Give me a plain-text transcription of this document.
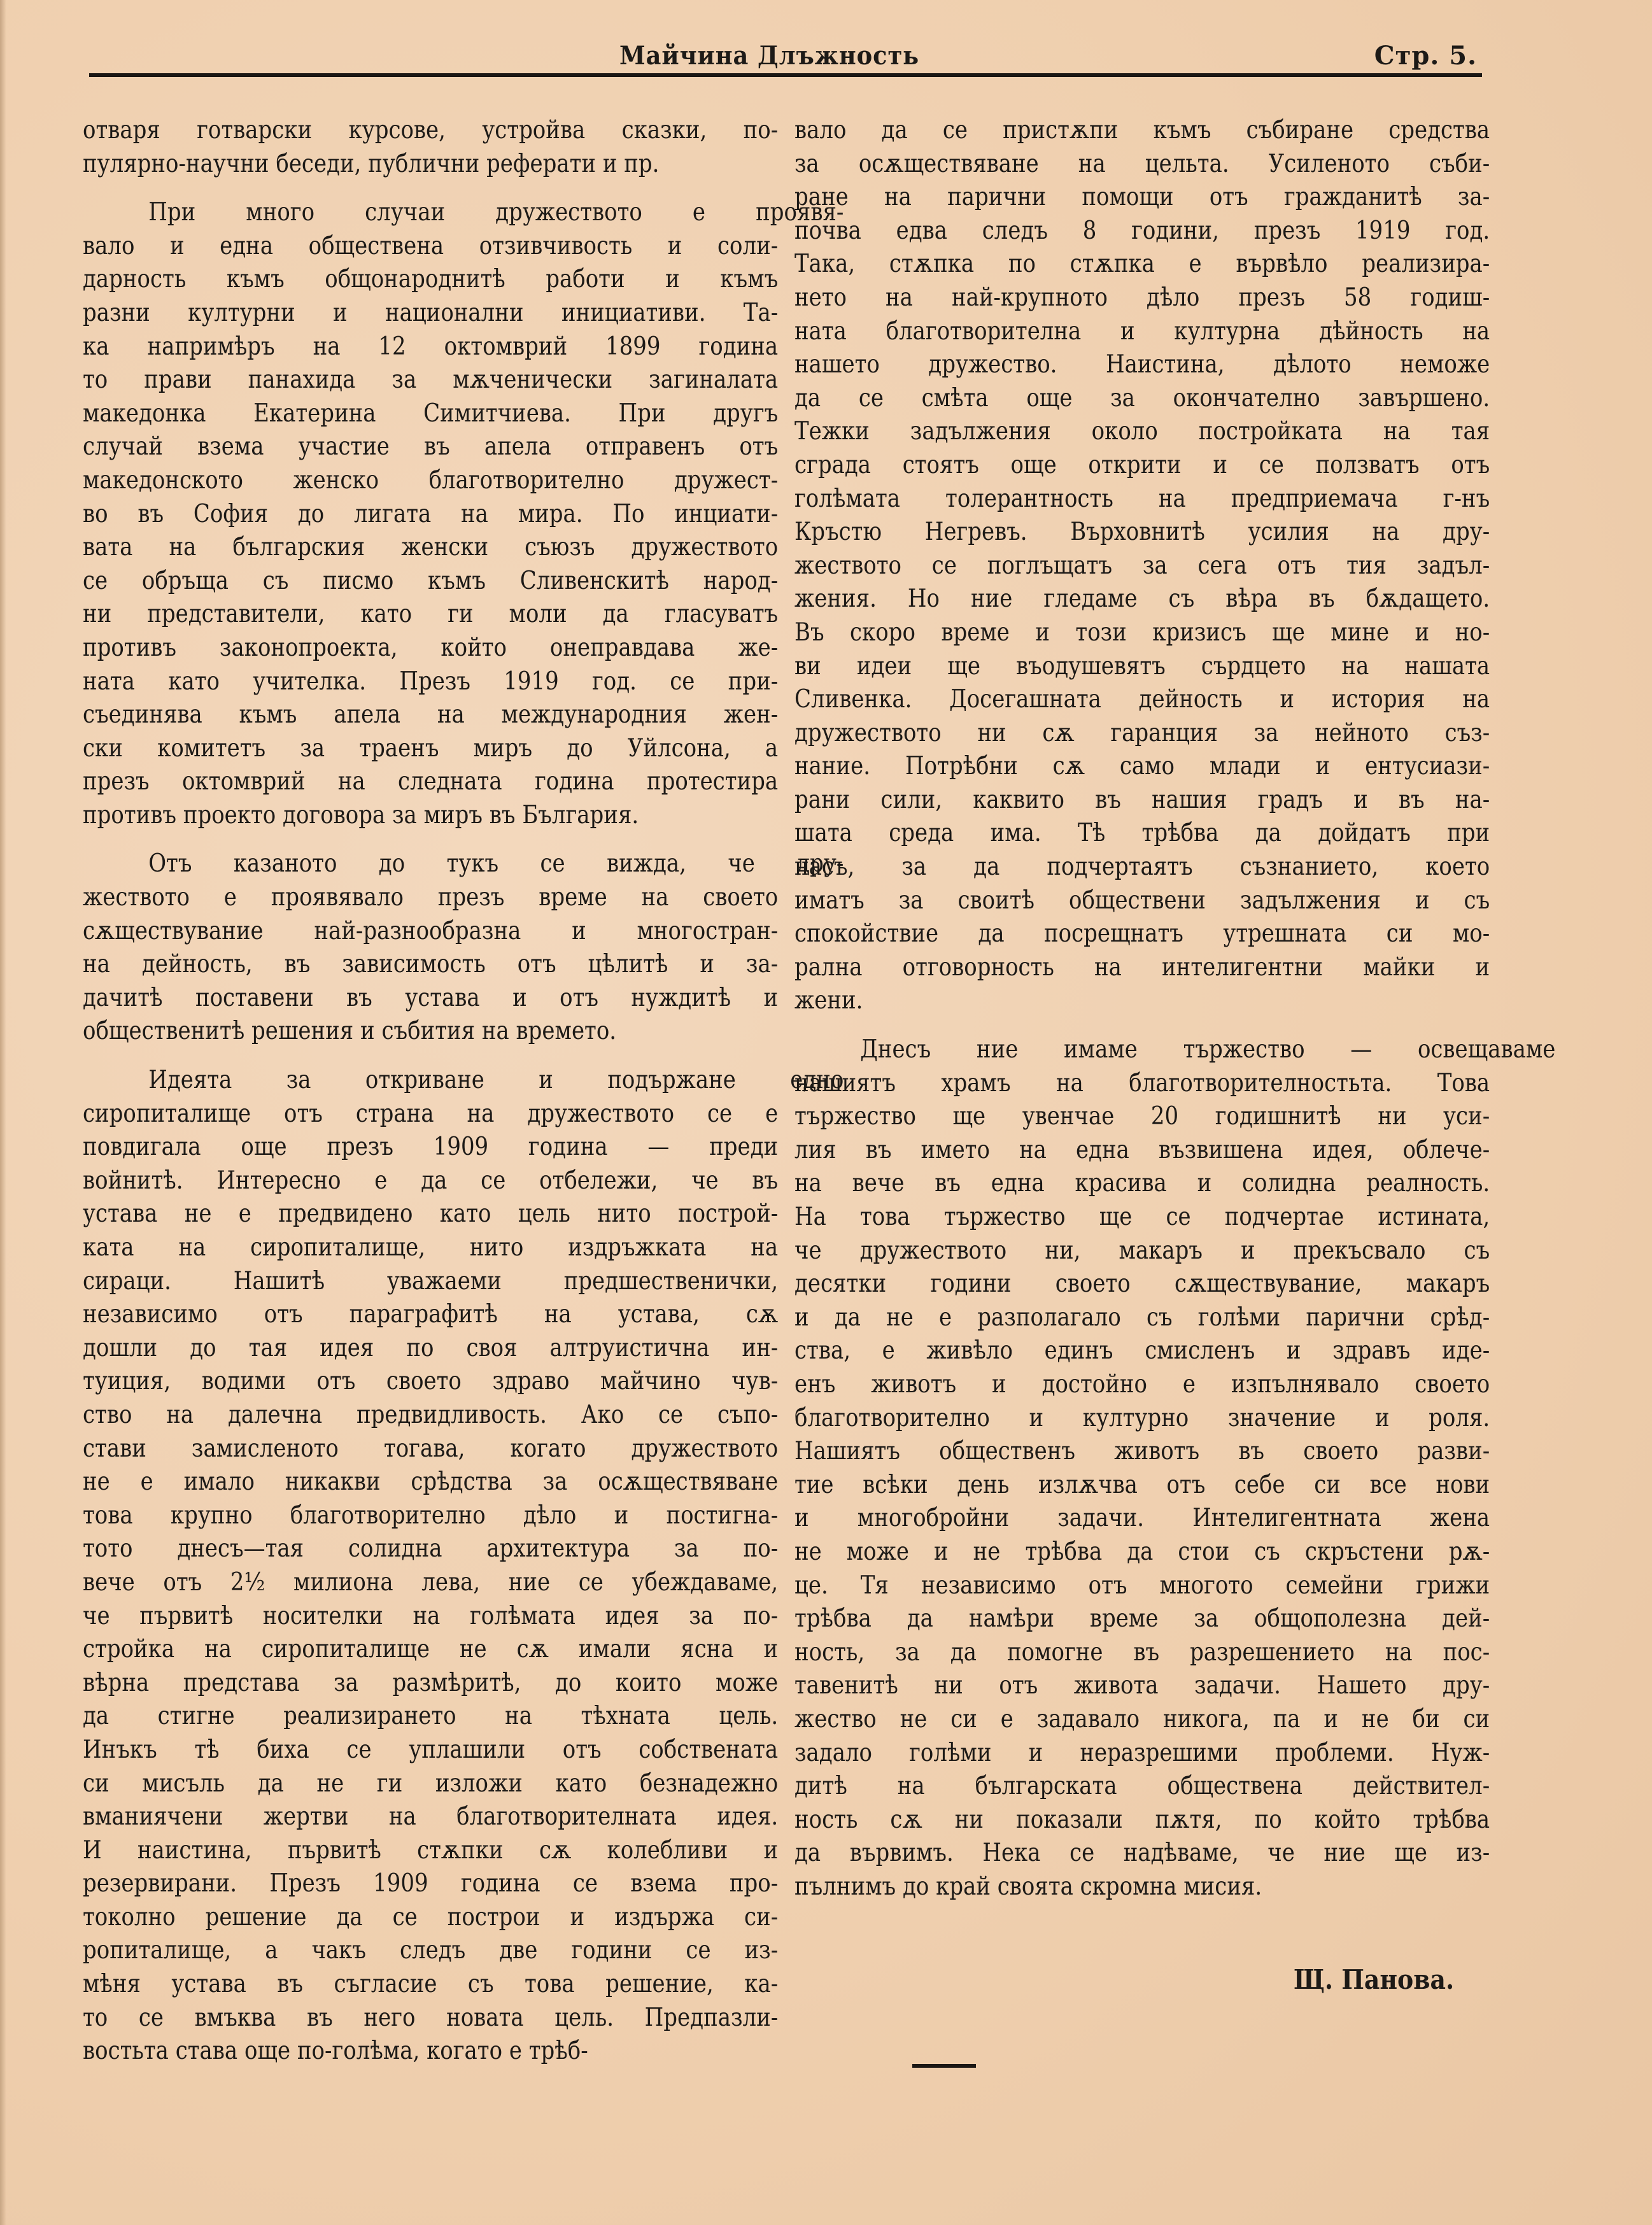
Майчина Длъжность	Стр. 5.
отваря готварски курсове, устройва сказки, по-
пулярно-научни беседи, публични реферати и пр.
При много случаи дружеството е проявя-
вало и една обществена отзивчивость и соли-
дарность къмъ общонароднитѣ работи и къмъ
разни културни и национални инициативи. Та-
ка напримѣръ на 12 октомврий 1899 година
то прави панахида за мѫченически загиналата
македонка Екатерина Симитчиева. При другъ
случай взема участие въ апела отправенъ отъ
македонското женско благотворително дружест-
во въ София до лигата на мира. По инциати-
вата на българския женски съюзъ дружеството
се обръща съ писмо къмъ Сливенскитѣ народ-
ни представители, като ги моли да гласуватъ
противъ законопроекта, който онеправдава же-
ната като учителка. Презъ 1919 год. се при-
съединява къмъ апела на международния жен-
ски комитетъ за траенъ миръ до Уйлсона, а
презъ октомврий на следната година протестира
противъ проекто договора за миръ въ България.
Отъ казаното до тукъ се вижда, че дру-
жеството е проявявало презъ време на своето
сѫществувание най-разнообразна и многостран-
на дейность, въ зависимость отъ цѣлитѣ и за-
дачитѣ поставени въ устава и отъ нуждитѣ и
общественитѣ решения и събития на времето.
Идеята за откриване и подържане едно
сиропиталище отъ страна на дружеството се е
повдигала още презъ 1909 година — преди
войнитѣ. Интересно е да се отбележи, че въ
устава не е предвидено като цель нито построй-
ката на сиропиталище, нито издръжката на
сираци. Нашитѣ уважаеми предшественички,
независимо отъ параграфитѣ на устава, сѫ
дошли до тая идея по своя алтруистична ин-
туиция, водими отъ своето здраво майчино чув-
ство на далечна предвидливость. Ако се съпо-
стави замисленото тогава, когато дружеството
не е имало никакви срѣдства за осѫществяване
това крупно благотворително дѣло и постигна-
тото днесъ—тая солидна архитектура за по-
вече отъ 2½ милиона лева, ние се убеждаваме,
че първитѣ носителки на голѣмата идея за по-
стройка на сиропиталище не сѫ имали ясна и
вѣрна представа за размѣритѣ, до които може
да стигне реализирането на тѣхната цель.
Инъкъ тѣ биха се уплашили отъ собствената
си мисъль да не ги изложи като безнадежно
вманиячени жертви на благотворителната идея.
И наистина, първитѣ стѫпки сѫ колебливи и
резервирани. Презъ 1909 година се взема про-
токолно решение да се построи и издържа си-
ропиталище, а чакъ следъ две години се из-
мѣня устава въ съгласие съ това решение, ка-
то се вмъква въ него новата цель. Предпазли-
востьта става още по-голѣма, когато е трѣб-
вало да се пристѫпи къмъ събиране средства
за осѫществяване на цельта. Усиленото съби-
ране на парични помощи отъ гражданитѣ за-
почва едва следъ 8 години, презъ 1919 год.
Така, стѫпка по стѫпка е вървѣло реализира-
нето на най-крупното дѣло презъ 58 годиш-
ната благотворителна и културна дѣйность на
нашето дружество. Наистина, дѣлото неможе
да се смѣта още за окончателно завършено.
Тежки задължения около постройката на тая
сграда стоятъ още открити и се ползватъ отъ
голѣмата толерантность на предприемача г-нъ
Кръстю Негревъ. Върховнитѣ усилия на дру-
жеството се поглъщатъ за сега отъ тия задъл-
жения. Но ние гледаме съ вѣра въ бѫдащето.
Въ скоро време и този кризисъ ще мине и но-
ви идеи ще въодушевятъ сърдцето на нашата
Сливенка. Досегашната дейность и история на
дружеството ни сѫ гаранция за нейното съз-
нание. Потрѣбни сѫ само млади и ентусиази-
рани сили, каквито въ нашия градъ и въ на-
шата среда има. Тѣ трѣбва да дойдатъ при
насъ, за да подчертаятъ съзнанието, което
иматъ за своитѣ обществени задължения и съ
спокойствие да посрещнатъ утрешната си мо-
рална отговорность на интелигентни майки и
жени.
Днесъ ние имаме тържество — освещаваме
нашиятъ храмъ на благотворителностьта. Това
тържество ще увенчае 20 годишнитѣ ни уси-
лия въ името на една възвишена идея, облече-
на вече въ една красива и солидна реалность.
На това тържество ще се подчертае истината,
че дружеството ни, макаръ и прекъсвало съ
десятки години своето сѫществувание, макаръ
и да не е разполагало съ голѣми парични срѣд-
ства, е живѣло единъ смисленъ и здравъ иде-
енъ животъ и достойно е изпълнявало своето
благотворително и културно значение и роля.
Нашиятъ общественъ животъ въ своето разви-
тие всѣки день излѫчва отъ себе си все нови
и многобройни задачи. Интелигентната жена
не може и не трѣбва да стои съ скръстени рѫ-
це. Тя независимо отъ многото семейни грижи
трѣбва да намѣри време за общополезна дей-
ность, за да помогне въ разрешението на пос-
тавенитѣ ни отъ живота задачи. Нашето дру-
жество не си е задавало никога, па и не би си
задало голѣми и неразрешими проблеми. Нуж-
дитѣ на българската обществена действител-
ность сѫ ни показали пѫтя, по който трѣбва
да вървимъ. Нека се надѣваме, че ние ще из-
пълнимъ до край своята скромна мисия.
Щ. Панова.
